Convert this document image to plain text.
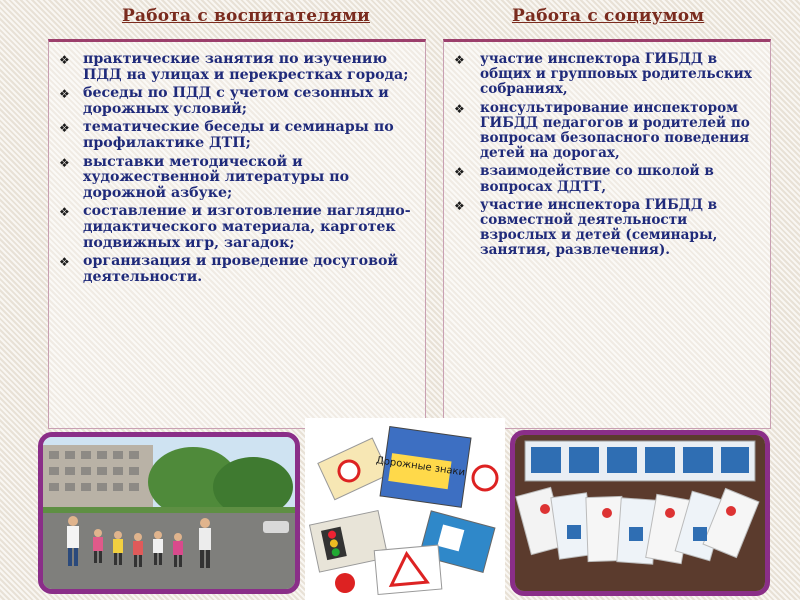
Работа с воспитателями	Работа с социумом
❖ практические занятия по изучению ПДД на улицах и перекрестках города;
❖ беседы по ПДД с учетом сезонных и дорожных условий;
❖ тематические беседы и семинары по профилактике ДТП;
❖ выставки методической и художественной литературы по дорожной азбуке;
❖ составление и изготовление наглядно-дидактического материала, карготек подвижных игр, загадок;
❖ организация и проведение досуговой деятельности.
❖ участие инспектора ГИБДД в общих и групповых родительских собраниях,
❖ консультирование инспектором ГИБДД педагогов и родителей по вопросам безопасного поведения детей на дорогах,
❖ взаимодействие со школой в вопросах ДДТТ,
❖ участие инспектора ГИБДД в совместной деятельности взрослых и детей (семинары, занятия, развлечения).
Дорожные знаки
